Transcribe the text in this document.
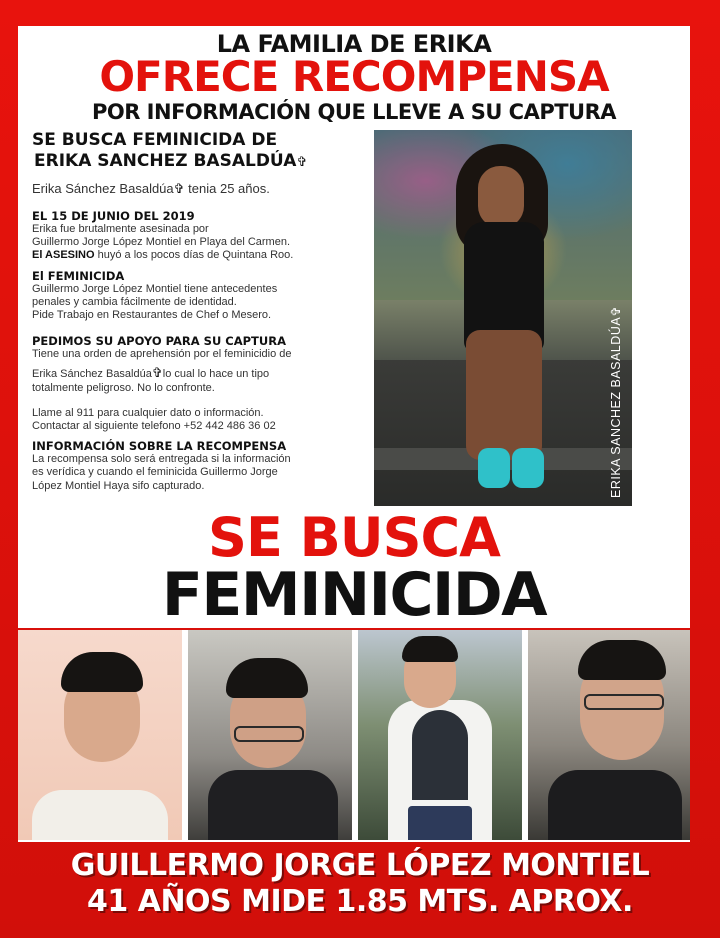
LA FAMILIA DE ERIKA
OFRECE RECOMPENSA
POR INFORMACIÓN QUE LLEVE A SU CAPTURA
SE BUSCA FEMINICIDA DE
ERIKA SANCHEZ BASALDÚA✞
Erika Sánchez Basaldúa✞ tenia 25 años.
EL 15 DE JUNIO DEL 2019
Erika fue brutalmente asesinada por
Guillermo Jorge López Montiel en Playa del Carmen.
El ASESINO huyó a los pocos días de Quintana Roo.
El FEMINICIDA
Guillermo Jorge López Montiel tiene antecedentes
penales y cambia fácilmente de identidad.
Pide Trabajo en Restaurantes de Chef o Mesero.
PEDIMOS SU APOYO PARA SU CAPTURA
Tiene una orden de aprehensión por el feminicidio de
Erika Sánchez Basaldúa✞lo cual lo hace un tipo
totalmente peligroso. No lo confronte.
Llame al 911 para cualquier dato o información.
Contactar al siguiente telefono +52 442 486 36 02
INFORMACIÓN SOBRE LA RECOMPENSA
La recompensa solo será entregada si la información
es verídica y cuando el feminicida Guillermo Jorge
López Montiel Haya sifo capturado.	ERIKA SANCHEZ BASALDÚA✞
SE BUSCA
FEMINICIDA
GUILLERMO JORGE LÓPEZ MONTIEL
41 AÑOS MIDE 1.85 MTS. APROX.
